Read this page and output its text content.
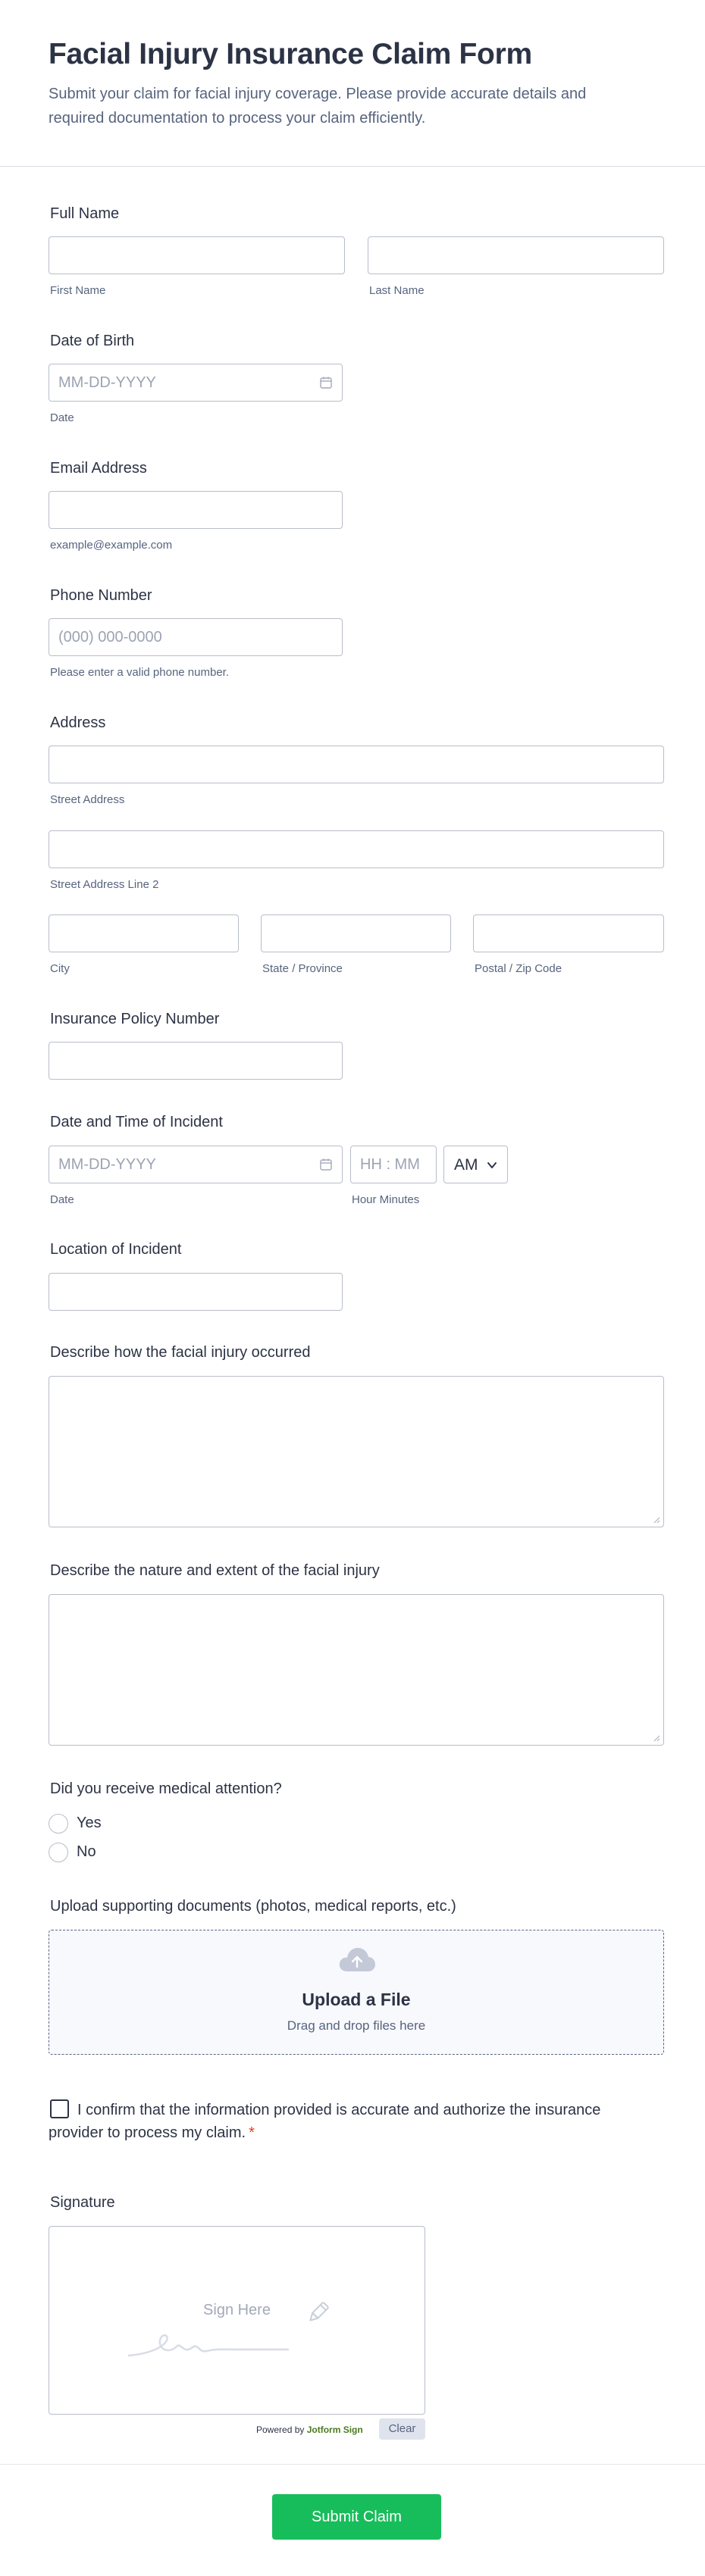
Facial Injury Insurance Claim Form
Submit your claim for facial injury coverage. Please provide accurate details and required documentation to process your claim efficiently.
Full Name
First Name	Last Name
Date of Birth
MM-DD-YYYY
Date
Email Address
example@example.com
Phone Number
(000) 000-0000
Please enter a valid phone number.
Address
Street Address
Street Address Line 2
City	State / Province	Postal / Zip Code
Insurance Policy Number
Date and Time of Incident
MM-DD-YYYY	HH : MM AM
Date	Hour Minutes
Location of Incident
Describe how the facial injury occurred
Describe the nature and extent of the facial injury
Did you receive medical attention?
Yes
No
Upload supporting documents (photos, medical reports, etc.)
Upload a File
Drag and drop files here
I confirm that the information provided is accurate and authorize the insurance provider to process my claim. *
Signature
Sign Here
Powered by Jotform Sign	Clear
Submit Claim
